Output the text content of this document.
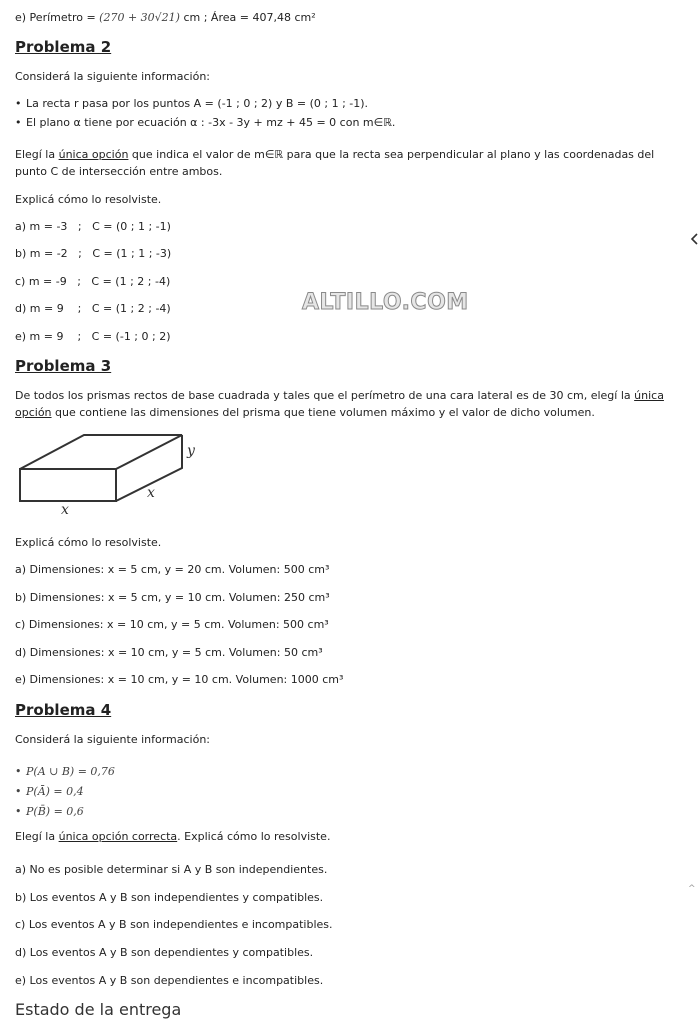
e) Perímetro = (270 + 30√21) cm ; Área = 407,48 cm²

Problema 2

Considerá la siguiente información:

• La recta r pasa por los puntos A = (-1 ; 0 ; 2) y B = (0 ; 1 ; -1).
• El plano α tiene por ecuación α : -3x - 3y + mz + 45 = 0 con m∈ℝ.

Elegí la única opción que indica el valor de m∈ℝ para que la recta sea perpendicular al plano y las coordenadas del punto C de intersección entre ambos.

Explicá cómo lo resolviste.

a) m = -3   ;   C = (0 ; 1 ; -1)

b) m = -2   ;   C = (1 ; 1 ; -3)

c) m = -9   ;   C = (1 ; 2 ; -4)

d) m = 9    ;   C = (1 ; 2 ; -4)

e) m = 9    ;   C = (-1 ; 0 ; 2)

ALTILLO.COM
Problema 3

De todos los prismas rectos de base cuadrada y tales que el perímetro de una cara lateral es de 30 cm, elegí la única opción que contiene las dimensiones del prisma que tiene volumen máximo y el valor de dicho volumen.

y
x
x

Explicá cómo lo resolviste.

a) Dimensiones: x = 5 cm, y = 20 cm. Volumen: 500 cm³

b) Dimensiones: x = 5 cm, y = 10 cm. Volumen: 250 cm³

c) Dimensiones: x = 10 cm, y = 5 cm. Volumen: 500 cm³

d) Dimensiones: x = 10 cm, y = 5 cm. Volumen: 50 cm³

e) Dimensiones: x = 10 cm, y = 10 cm. Volumen: 1000 cm³

Problema 4

Considerá la siguiente información:

• P(A ∪ B) = 0,76
• P(Ā) = 0,4
• P(B̄) = 0,6

Elegí la única opción correcta. Explicá cómo lo resolviste.

a) No es posible determinar si A y B son independientes.

b) Los eventos A y B son independientes y compatibles.

c) Los eventos A y B son independientes e incompatibles.

d) Los eventos A y B son dependientes y compatibles.

e) Los eventos A y B son dependientes e incompatibles.

^
Estado de la entrega
